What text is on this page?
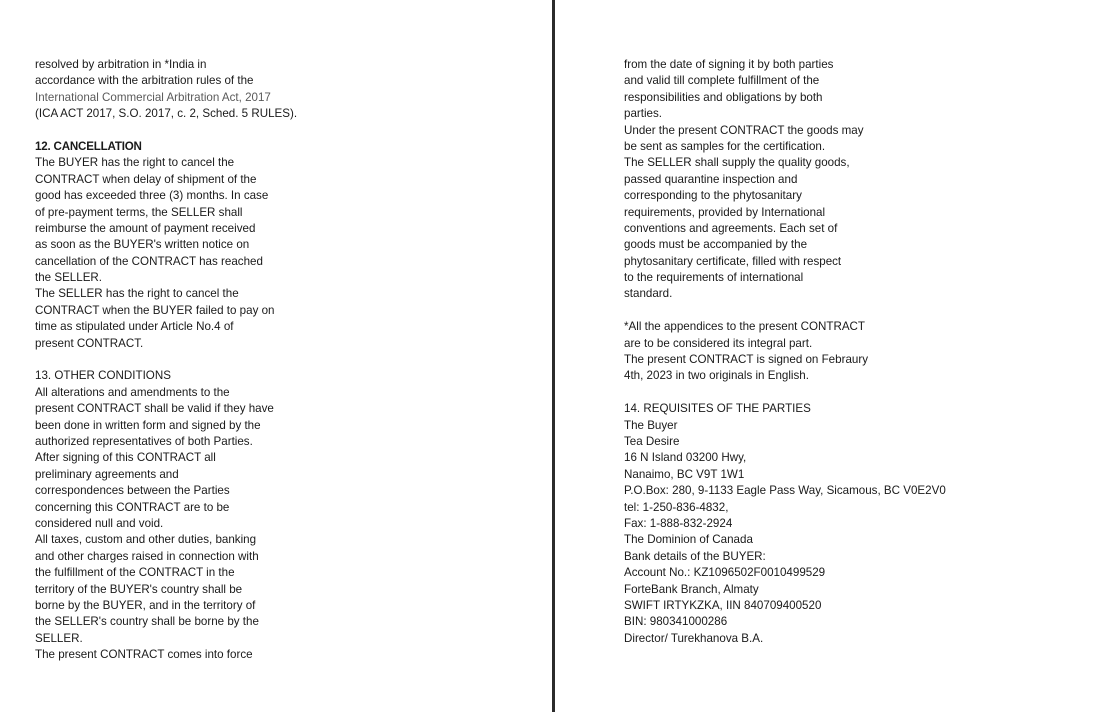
resolved by arbitration in *India in
accordance with the arbitration rules of the
International Commercial Arbitration Act, 2017
(ICA ACT 2017, S.O. 2017, c. 2, Sched. 5 RULES).
12. CANCELLATION
The BUYER has the right to cancel the
CONTRACT when delay of shipment of the
good has exceeded three (3) months. In case
of pre-payment terms, the SELLER shall
reimburse the amount of payment received
as soon as the BUYER's written notice on
cancellation of the CONTRACT has reached
the SELLER.
The SELLER has the right to cancel the
CONTRACT when the BUYER failed to pay on
time as stipulated under Article No.4 of
present CONTRACT.
13. OTHER CONDITIONS
All alterations and amendments to the
present CONTRACT shall be valid if they have
been done in written form and signed by the
authorized representatives of both Parties.
After signing of this CONTRACT all
preliminary agreements and
correspondences between the Parties
concerning this CONTRACT are to be
considered null and void.
All taxes, custom and other duties, banking
and other charges raised in connection with
the fulfillment of the CONTRACT in the
territory of the BUYER's country shall be
borne by the BUYER, and in the territory of
the SELLER's country shall be borne by the
SELLER.
The present CONTRACT comes into force
from the date of signing it by both parties
and valid till complete fulfillment of the
responsibilities and obligations by both
parties.
Under the present CONTRACT the goods may
be sent as samples for the certification.
The SELLER shall supply the quality goods,
passed quarantine inspection and
corresponding to the phytosanitary
requirements, provided by International
conventions and agreements. Each set of
goods must be accompanied by the
phytosanitary certificate, filled with respect
to the requirements of international
standard.
*All the appendices to the present CONTRACT
are to be considered its integral part.
The present CONTRACT is signed on Febraury
4th, 2023 in two originals in English.
14. REQUISITES OF THE PARTIES
The Buyer
Tea Desire
16 N Island 03200 Hwy,
Nanaimo, BC V9T 1W1
P.O.Box: 280, 9-1133 Eagle Pass Way, Sicamous, BC V0E2V0
tel: 1-250-836-4832,
Fax: 1-888-832-2924
The Dominion of Canada
Bank details of the BUYER:
Account No.: KZ1096502F0010499529
ForteBank Branch, Almaty
SWIFT IRTYKZKA, IIN 840709400520
BIN: 980341000286
Director/ Turekhanova B.A.
